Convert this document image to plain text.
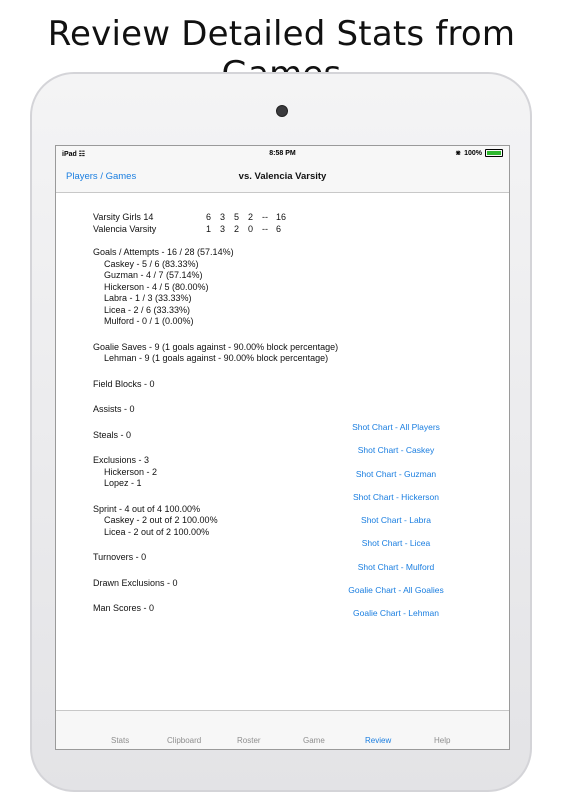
Review Detailed Stats from
iPad ☷	8:58 PM	⋇ 100%
Players / Games	vs. Valencia Varsity
Varsity Girls 14	6 3 5 2 -- 16
Valencia Varsity	1 3 2 0 -- 6
Goals / Attempts - 16 / 28 (57.14%)
Caskey - 5 / 6 (83.33%)
Guzman - 4 / 7 (57.14%)
Hickerson - 4 / 5 (80.00%)
Labra - 1 / 3 (33.33%)
Licea - 2 / 6 (33.33%)
Mulford - 0 / 1 (0.00%)
Goalie Saves - 9 (1 goals against - 90.00% block percentage)
Lehman - 9 (1 goals against - 90.00% block percentage)
Field Blocks - 0
Assists - 0
Steals - 0
Exclusions - 3
Hickerson - 2
Lopez - 1
Sprint - 4 out of 4 100.00%
Caskey - 2 out of 2 100.00%
Licea - 2 out of 2 100.00%
Turnovers - 0
Drawn Exclusions - 0
Man Scores - 0
Shot Chart - All Players
Shot Chart - Caskey
Shot Chart - Guzman
Shot Chart - Hickerson
Shot Chart - Labra
Shot Chart - Licea
Shot Chart - Mulford
Goalie Chart - All Goalies
Goalie Chart - Lehman
Stats	Clipboard	Roster	Game	Review	Help
